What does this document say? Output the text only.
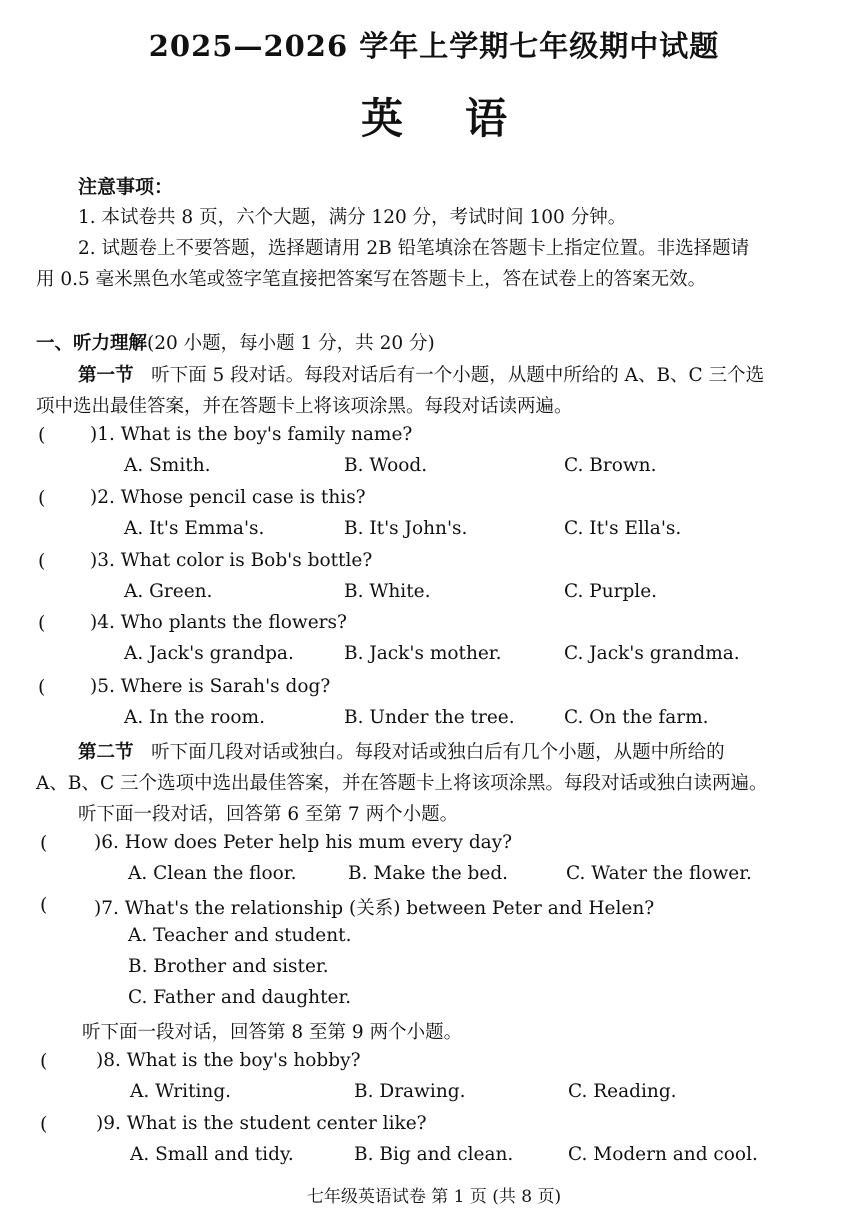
2025—2026 学年上学期七年级期中试题
英语
注意事项：
1. 本试卷共 8 页，六个大题，满分 120 分，考试时间 100 分钟。
2. 试题卷上不要答题，选择题请用 2B 铅笔填涂在答题卡上指定位置。非选择题请
用 0.5 毫米黑色水笔或签字笔直接把答案写在答题卡上，答在试卷上的答案无效。
一、听力理解(20 小题，每小题 1 分，共 20 分)
第一节 听下面 5 段对话。每段对话后有一个小题，从题中所给的 A、B、C 三个选
项中选出最佳答案，并在答题卡上将该项涂黑。每段对话读两遍。
( )1. What is the boy's family name?
A. Smith.	B. Wood.	C. Brown.
( )2. Whose pencil case is this?
A. It's Emma's.	B. It's John's.	C. It's Ella's.
( )3. What color is Bob's bottle?
A. Green.	B. White.	C. Purple.
( )4. Who plants the flowers?
A. Jack's grandpa.	B. Jack's mother.	C. Jack's grandma.
( )5. Where is Sarah's dog?
A. In the room.	B. Under the tree.	C. On the farm.
第二节 听下面几段对话或独白。每段对话或独白后有几个小题，从题中所给的
A、B、C 三个选项中选出最佳答案，并在答题卡上将该项涂黑。每段对话或独白读两遍。
听下面一段对话，回答第 6 至第 7 两个小题。
(	)6. How does Peter help his mum every day?
A. Clean the floor.	B. Make the bed.	C. Water the flower.
(	)7. What's the relationship (关系) between Peter and Helen?
A. Teacher and student.
B. Brother and sister.
C. Father and daughter.
听下面一段对话，回答第 8 至第 9 两个小题。
(	)8. What is the boy's hobby?
A. Writing.	B. Drawing.	C. Reading.
(	)9. What is the student center like?
A. Small and tidy.	B. Big and clean.	C. Modern and cool.
七年级英语试卷 第 1 页 (共 8 页)
